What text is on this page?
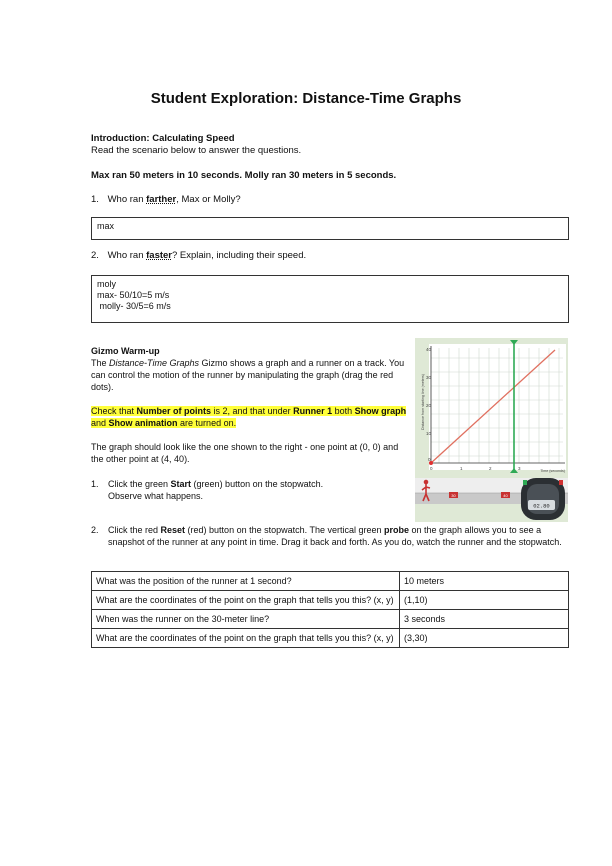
Student Exploration: Distance-Time Graphs
Introduction: Calculating Speed
Read the scenario below to answer the questions.
Max ran 50 meters in 10 seconds. Molly ran 30 meters in 5 seconds.
1. Who ran farther, Max or Molly?
max
2. Who ran faster? Explain, including their speed.
moly
max- 50/10=5 m/s
molly- 30/5=6 m/s
Gizmo Warm-up
The Distance-Time Graphs Gizmo shows a graph and a runner on a track. You can control the motion of the runner by manipulating the graph (drag the red dots).
Check that Number of points is 2, and that under Runner 1 both Show graph and Show animation are turned on.
The graph should look like the one shown to the right - one point at (0, 0) and the other point at (4, 40).
1.	Click the green Start (green) button on the stopwatch.
Observe what happens.
2.	Click the red Reset (red) button on the stopwatch. The vertical green probe on the graph allows you to see a snapshot of the runner at any point in time. Drag it back and forth. As you do, watch the runner and the stopwatch.
Distance from starting line (meters)
40
30
20
10
0
0	1	2	3	Time (seconds)
30	40
02.80
What was the position of the runner at 1 second?	10 meters
What are the coordinates of the point on the graph that tells you this? (x, y)	(1,10)
When was the runner on the 30-meter line?	3 seconds
What are the coordinates of the point on the graph that tells you this? (x, y)	(3,30)
